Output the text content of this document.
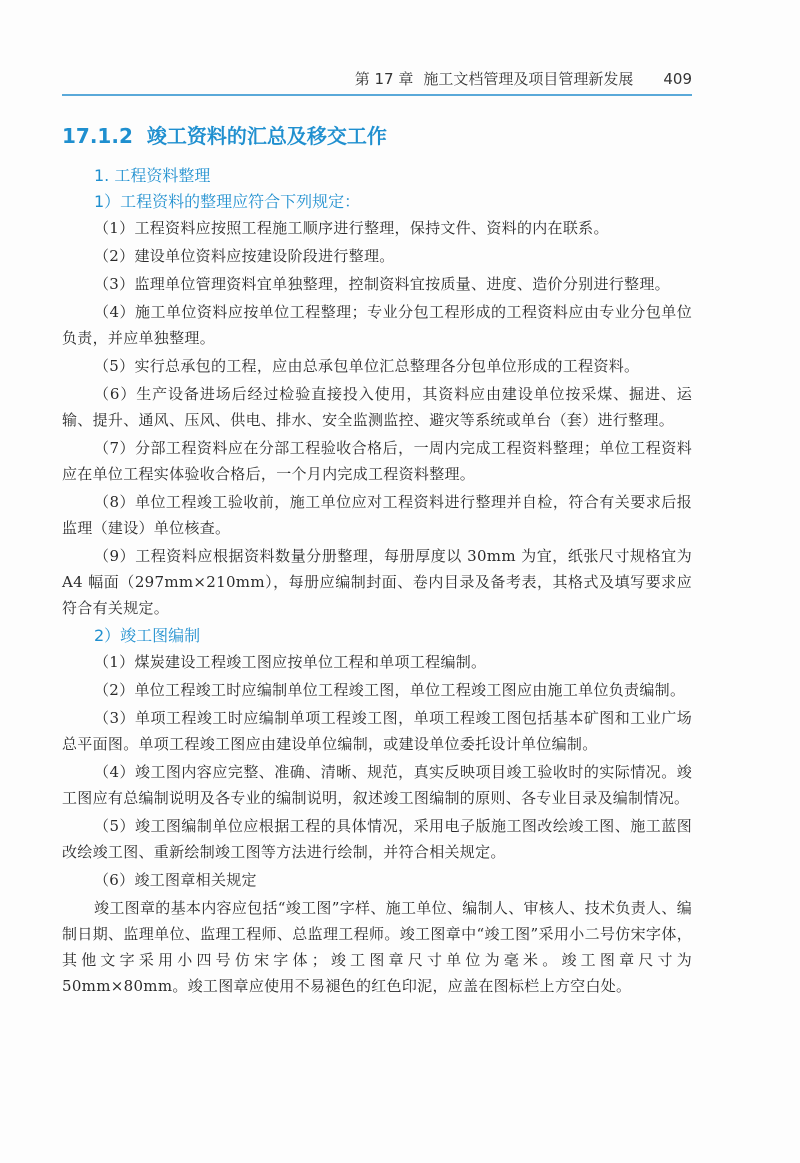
第 17 章 施工文档管理及项目管理新发展 409
17.1.2 竣工资料的汇总及移交工作
1. 工程资料整理
1）工程资料的整理应符合下列规定：

（1）工程资料应按照工程施工顺序进行整理，保持文件、资料的内在联系。

（2）建设单位资料应按建设阶段进行整理。

（3）监理单位管理资料宜单独整理，控制资料宜按质量、进度、造价分别进行整理。

（4）施工单位资料应按单位工程整理；专业分包工程形成的工程资料应由专业分包单位负责，并应单独整理。

（5）实行总承包的工程，应由总承包单位汇总整理各分包单位形成的工程资料。

（6）生产设备进场后经过检验直接投入使用，其资料应由建设单位按采煤、掘进、运输、提升、通风、压风、供电、排水、安全监测监控、避灾等系统或单台（套）进行整理。

（7）分部工程资料应在分部工程验收合格后，一周内完成工程资料整理；单位工程资料应在单位工程实体验收合格后，一个月内完成工程资料整理。

（8）单位工程竣工验收前，施工单位应对工程资料进行整理并自检，符合有关要求后报监理（建设）单位核查。

（9）工程资料应根据资料数量分册整理，每册厚度以 30mm 为宜，纸张尺寸规格宜为 A4 幅面（297mm×210mm），每册应编制封面、卷内目录及备考表，其格式及填写要求应符合有关规定。

2）竣工图编制

（1）煤炭建设工程竣工图应按单位工程和单项工程编制。

（2）单位工程竣工时应编制单位工程竣工图，单位工程竣工图应由施工单位负责编制。

（3）单项工程竣工时应编制单项工程竣工图，单项工程竣工图包括基本矿图和工业广场总平面图。单项工程竣工图应由建设单位编制，或建设单位委托设计单位编制。

（4）竣工图内容应完整、准确、清晰、规范，真实反映项目竣工验收时的实际情况。竣工图应有总编制说明及各专业的编制说明，叙述竣工图编制的原则、各专业目录及编制情况。

（5）竣工图编制单位应根据工程的具体情况，采用电子版施工图改绘竣工图、施工蓝图改绘竣工图、重新绘制竣工图等方法进行绘制，并符合相关规定。

（6）竣工图章相关规定

竣工图章的基本内容应包括“竣工图”字样、施工单位、编制人、审核人、技术负责人、编制日期、监理单位、监理工程师、总监理工程师。竣工图章中“竣工图”采用小二号仿宋字体，其他文字采用小四号仿宋字体；竣工图章尺寸单位为毫米。竣工图章尺寸为 50mm×80mm。竣工图章应使用不易褪色的红色印泥，应盖在图标栏上方空白处。
